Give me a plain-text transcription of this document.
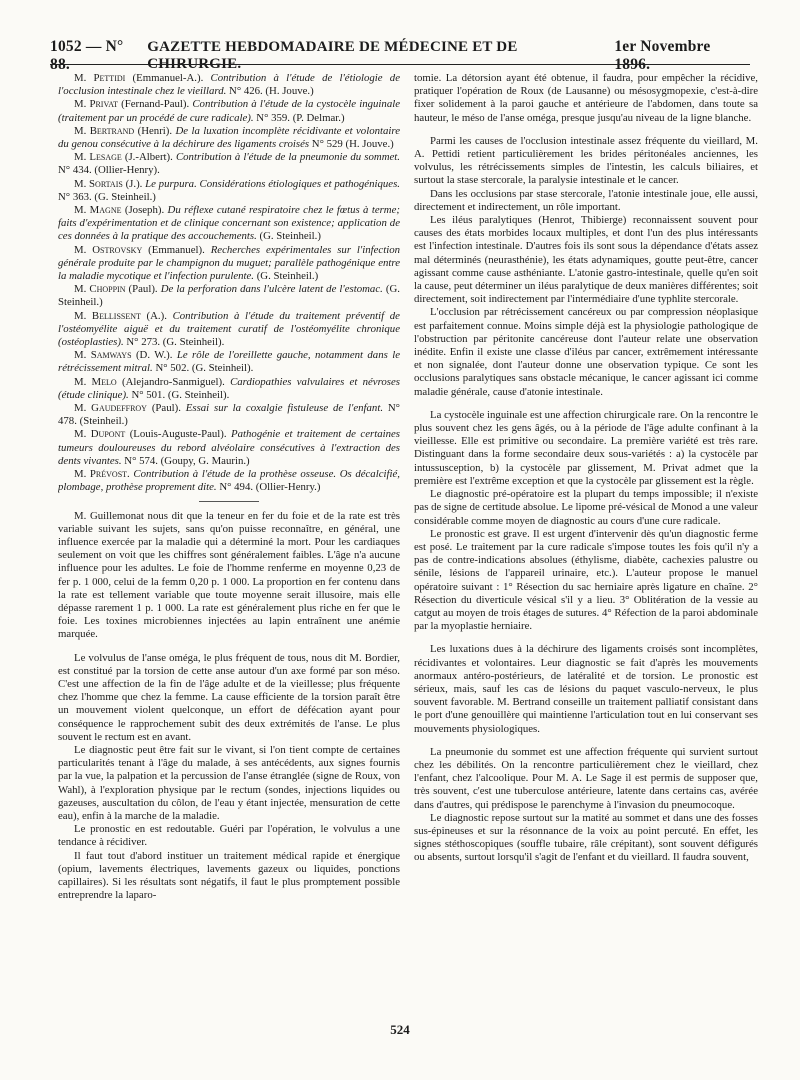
1052 — N° 88.
GAZETTE HEBDOMADAIRE DE MÉDECINE ET DE CHIRURGIE.
1er Novembre 1896.

M. Pettidi (Emmanuel-A.). Contribution à l'étude de l'étiologie de l'occlusion intestinale chez le vieillard. N° 426. (H. Jouve.)

M. Privat (Fernand-Paul). Contribution à l'étude de la cystocèle inguinale (traitement par un procédé de cure radicale). N° 359. (P. Delmar.)

M. Bertrand (Henri). De la luxation incomplète récidivante et volontaire du genou consécutive à la déchirure des ligaments croisés N° 529 (H. Jouve.)

M. Lesage (J.-Albert). Contribution à l'étude de la pneumonie du sommet. N° 434. (Ollier-Henry).

M. Sortais (J.). Le purpura. Considérations étiologiques et pathogéniques. N° 363. (G. Steinheil.)

M. Magne (Joseph). Du réflexe cutané respiratoire chez le fœtus à terme; faits d'expérimentation et de clinique concernant son existence; application de ces données à la pratique des accouchements. (G. Steinheil.)

M. Ostrovsky (Emmanuel). Recherches expérimentales sur l'infection générale produite par le champignon du muguet; parallèle pathogénique entre la maladie mycotique et l'infection purulente. (G. Steinheil.)

M. Choppin (Paul). De la perforation dans l'ulcère latent de l'estomac. (G. Steinheil.)

M. Bellissent (A.). Contribution à l'étude du traitement préventif de l'ostéomyélite aiguë et du traitement curatif de l'ostéomyélite chronique (ostéoplasties). N° 273. (G. Steinheil).

M. Samways (D. W.). Le rôle de l'oreillette gauche, notamment dans le rétrécissement mitral. N° 502. (G. Steinheil).

M. Melo (Alejandro-Sanmiguel). Cardiopathies valvulaires et névroses (étude clinique). N° 501. (G. Steinheil).

M. Gaudeffroy (Paul). Essai sur la coxalgie fistuleuse de l'enfant. N° 478. (Steinheil.)

M. Dupont (Louis-Auguste-Paul). Pathogénie et traitement de certaines tumeurs douloureuses du rebord alvéolaire consécutives à l'extraction des dents vivantes. N° 574. (Goupy, G. Maurin.)

M. Prévost. Contribution à l'étude de la prothèse osseuse. Os décalcifié, plombage, prothèse proprement dite. N° 494. (Ollier-Henry.)

M. Guillemonat nous dit que la teneur en fer du foie et de la rate est très variable suivant les sujets, sans qu'on puisse reconnaître, en général, une influence exercée par la maladie qui a déterminé la mort. Pour les cardiaques seulement on voit que les chiffres sont généralement faibles. L'âge n'a aucune influence pour les adultes. Le foie de l'homme renferme en moyenne 0,23 de fer p. 1 000, celui de la femm 0,20 p. 1 000. La proportion en fer contenu dans la rate est tellement variable que toute moyenne serait illusoire, mais elle dépasse rarement 1 p. 1 000. La rate est généralement plus riche en fer que le foie. Les toxines microbiennes injectées au lapin entraînent une anémie marquée.

Le volvulus de l'anse oméga, le plus fréquent de tous, nous dit M. Bordier, est constitué par la torsion de cette anse autour d'un axe formé par son méso. C'est une affection de la fin de l'âge adulte et de la vieillesse; plus fréquente chez l'homme que chez la femme. La cause efficiente de la torsion paraît être un mouvement violent quelconque, un effort de défécation ayant pour conséquence le rapprochement subit des deux extrémités de l'anse. Le plus souvent le rectum est en avant.

Le diagnostic peut être fait sur le vivant, si l'on tient compte de certaines particularités tenant à l'âge du malade, à ses antécédents, aux signes fournis par la vue, la palpation et la percussion de l'anse étranglée (signe de Roux, von Wahl), à l'exploration physique par le rectum (sondes, injections liquides ou gazeuses, auscultation du côlon, de l'eau y étant injectée, mensuration de cette eau), enfin à la marche de la maladie.

Le pronostic en est redoutable. Guéri par l'opération, le volvulus a une tendance à récidiver.

Il faut tout d'abord instituer un traitement médical rapide et énergique (opium, lavements électriques, lavements gazeux ou liquides, ponctions capillaires). Si les résultats sont négatifs, il faut le plus promptement possible entreprendre la laparo-

tomie. La détorsion ayant été obtenue, il faudra, pour empêcher la récidive, pratiquer l'opération de Roux (de Lausanne) ou mésosygmopexie, c'est-à-dire fixer solidement à la paroi gauche et antérieure de l'abdomen, dans toute sa hauteur, le méso de l'anse oméga, presque jusqu'au niveau de la ligne blanche.

Parmi les causes de l'occlusion intestinale assez fréquente du vieillard, M. A. Pettidi retient particulièrement les brides péritonéales anciennes, les volvulus, les rétrécissements simples de l'intestin, les calculs biliaires, et surtout la stase stercorale, la paralysie intestinale et le cancer.

Dans les occlusions par stase stercorale, l'atonie intestinale joue, elle aussi, directement et indirectement, un rôle important.

Les iléus paralytiques (Henrot, Thibierge) reconnaissent souvent pour causes des états morbides locaux multiples, et dont l'un des plus intéressants est l'infection intestinale. D'autres fois ils sont sous la dépendance d'états assez mal déterminés (neurasthénie), les états adynamiques, goutte peut-être, cancer agissant comme cause asthéniante. L'atonie gastro-intestinale, quelle qu'en soit la cause, peut déterminer un iléus paralytique de deux manières différentes; soit directement, soit indirectement par l'intermédiaire d'une typhlite stercorale.

L'occlusion par rétrécissement cancéreux ou par compression néoplasique est parfaitement connue. Moins simple déjà est la physiologie pathologique de l'obstruction par péritonite cancéreuse dont l'auteur relate une observation inédite. Enfin il existe une classe d'iléus par cancer, extrêmement intéressante et non signalée, dont l'auteur donne une observation typique. Ce sont les occlusions paralytiques sans obstacle mécanique, le cancer agissant ici comme maladie générale, cause d'atonie intestinale.

La cystocèle inguinale est une affection chirurgicale rare. On la rencontre le plus souvent chez les gens âgés, ou à la période de l'âge adulte confinant à la vieillesse. Elle est primitive ou secondaire. La première variété est très rare. Distinguant dans la forme secondaire deux sous-variétés : a) la cystocèle par intussusception, b) la cystocèle par glissement, M. Privat admet que la première est l'extrême exception et que la cystocèle par glissement est la règle.

Le diagnostic pré-opératoire est la plupart du temps impossible; il n'existe pas de signe de certitude absolue. Le lipome pré-vésical de Monod a une valeur considérable comme moyen de diagnostic au cours d'une cure radicale.

Le pronostic est grave. Il est urgent d'intervenir dès qu'un diagnostic ferme est posé. Le traitement par la cure radicale s'impose toutes les fois qu'il n'y a pas de contre-indications absolues (éthylisme, diabète, cachexies palustre ou sénile, lésions de l'appareil urinaire, etc.). L'auteur propose le manuel opératoire suivant : 1° Résection du sac herniaire après ligature en chaîne. 2° Résection du diverticule vésical s'il y a lieu. 3° Oblitération de la vessie au catgut au moyen de trois étages de sutures. 4° Réfection de la paroi abdominale par la myoplastie herniaire.

Les luxations dues à la déchirure des ligaments croisés sont incomplètes, récidivantes et volontaires. Leur diagnostic se fait d'après les mouvements anormaux antéro-postérieurs, de latéralité et de torsion. Le pronostic est sérieux, mais, sauf les cas de lésions du paquet vasculo-nerveux, le plus souvent favorable. M. Bertrand conseille un traitement palliatif consistant dans le port d'une genouillère qui maintienne l'articulation tout en lui conservant ses mouvements physiologiques.

La pneumonie du sommet est une affection fréquente qui survient surtout chez les débilités. On la rencontre particulièrement chez le vieillard, chez l'enfant, chez l'alcoolique. Pour M. A. Le Sage il est permis de supposer que, très souvent, c'est une tuberculose antérieure, latente dans certains cas, avérée dans d'autres, qui prédispose le parenchyme à l'invasion du pneumocoque.

Le diagnostic repose surtout sur la matité au sommet et dans une des fosses sus-épineuses et sur la résonnance de la voix au point percuté. En effet, les signes stéthoscopiques (souffle tubaire, râle crépitant), sont souvent défigurés ou absents, surtout lorsqu'il s'agit de l'enfant et du vieillard. Il faudra souvent,

524
